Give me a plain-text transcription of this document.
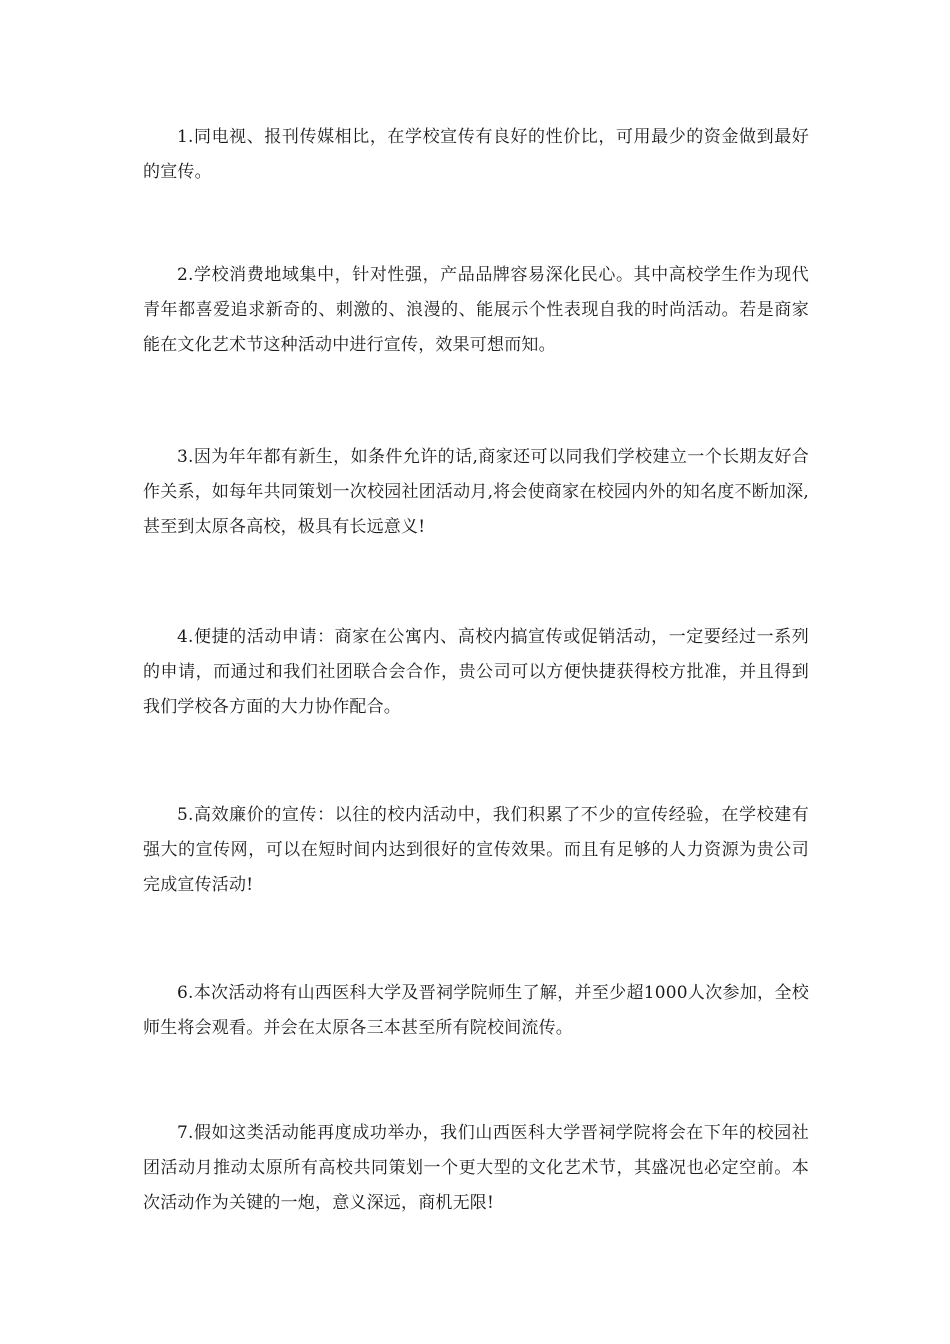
1.同电视、报刊传媒相比，在学校宣传有良好的性价比，可用最少的资金做到最好的宣传。

2.学校消费地域集中，针对性强，产品品牌容易深化民心。其中高校学生作为现代青年都喜爱追求新奇的、刺激的、浪漫的、能展示个性表现自我的时尚活动。若是商家能在文化艺术节这种活动中进行宣传，效果可想而知。

3.因为年年都有新生，如条件允许的话,商家还可以同我们学校建立一个长期友好合作关系，如每年共同策划一次校园社团活动月,将会使商家在校园内外的知名度不断加深,甚至到太原各高校，极具有长远意义!

4.便捷的活动申请：商家在公寓内、高校内搞宣传或促销活动，一定要经过一系列的申请，而通过和我们社团联合会合作，贵公司可以方便快捷获得校方批准，并且得到我们学校各方面的大力协作配合。

5.高效廉价的宣传：以往的校内活动中，我们积累了不少的宣传经验，在学校建有强大的宣传网，可以在短时间内达到很好的宣传效果。而且有足够的人力资源为贵公司完成宣传活动!

6.本次活动将有山西医科大学及晋祠学院师生了解，并至少超1000人次参加，全校师生将会观看。并会在太原各三本甚至所有院校间流传。

7.假如这类活动能再度成功举办，我们山西医科大学晋祠学院将会在下年的校园社团活动月推动太原所有高校共同策划一个更大型的文化艺术节，其盛况也必定空前。本次活动作为关键的一炮，意义深远，商机无限!
